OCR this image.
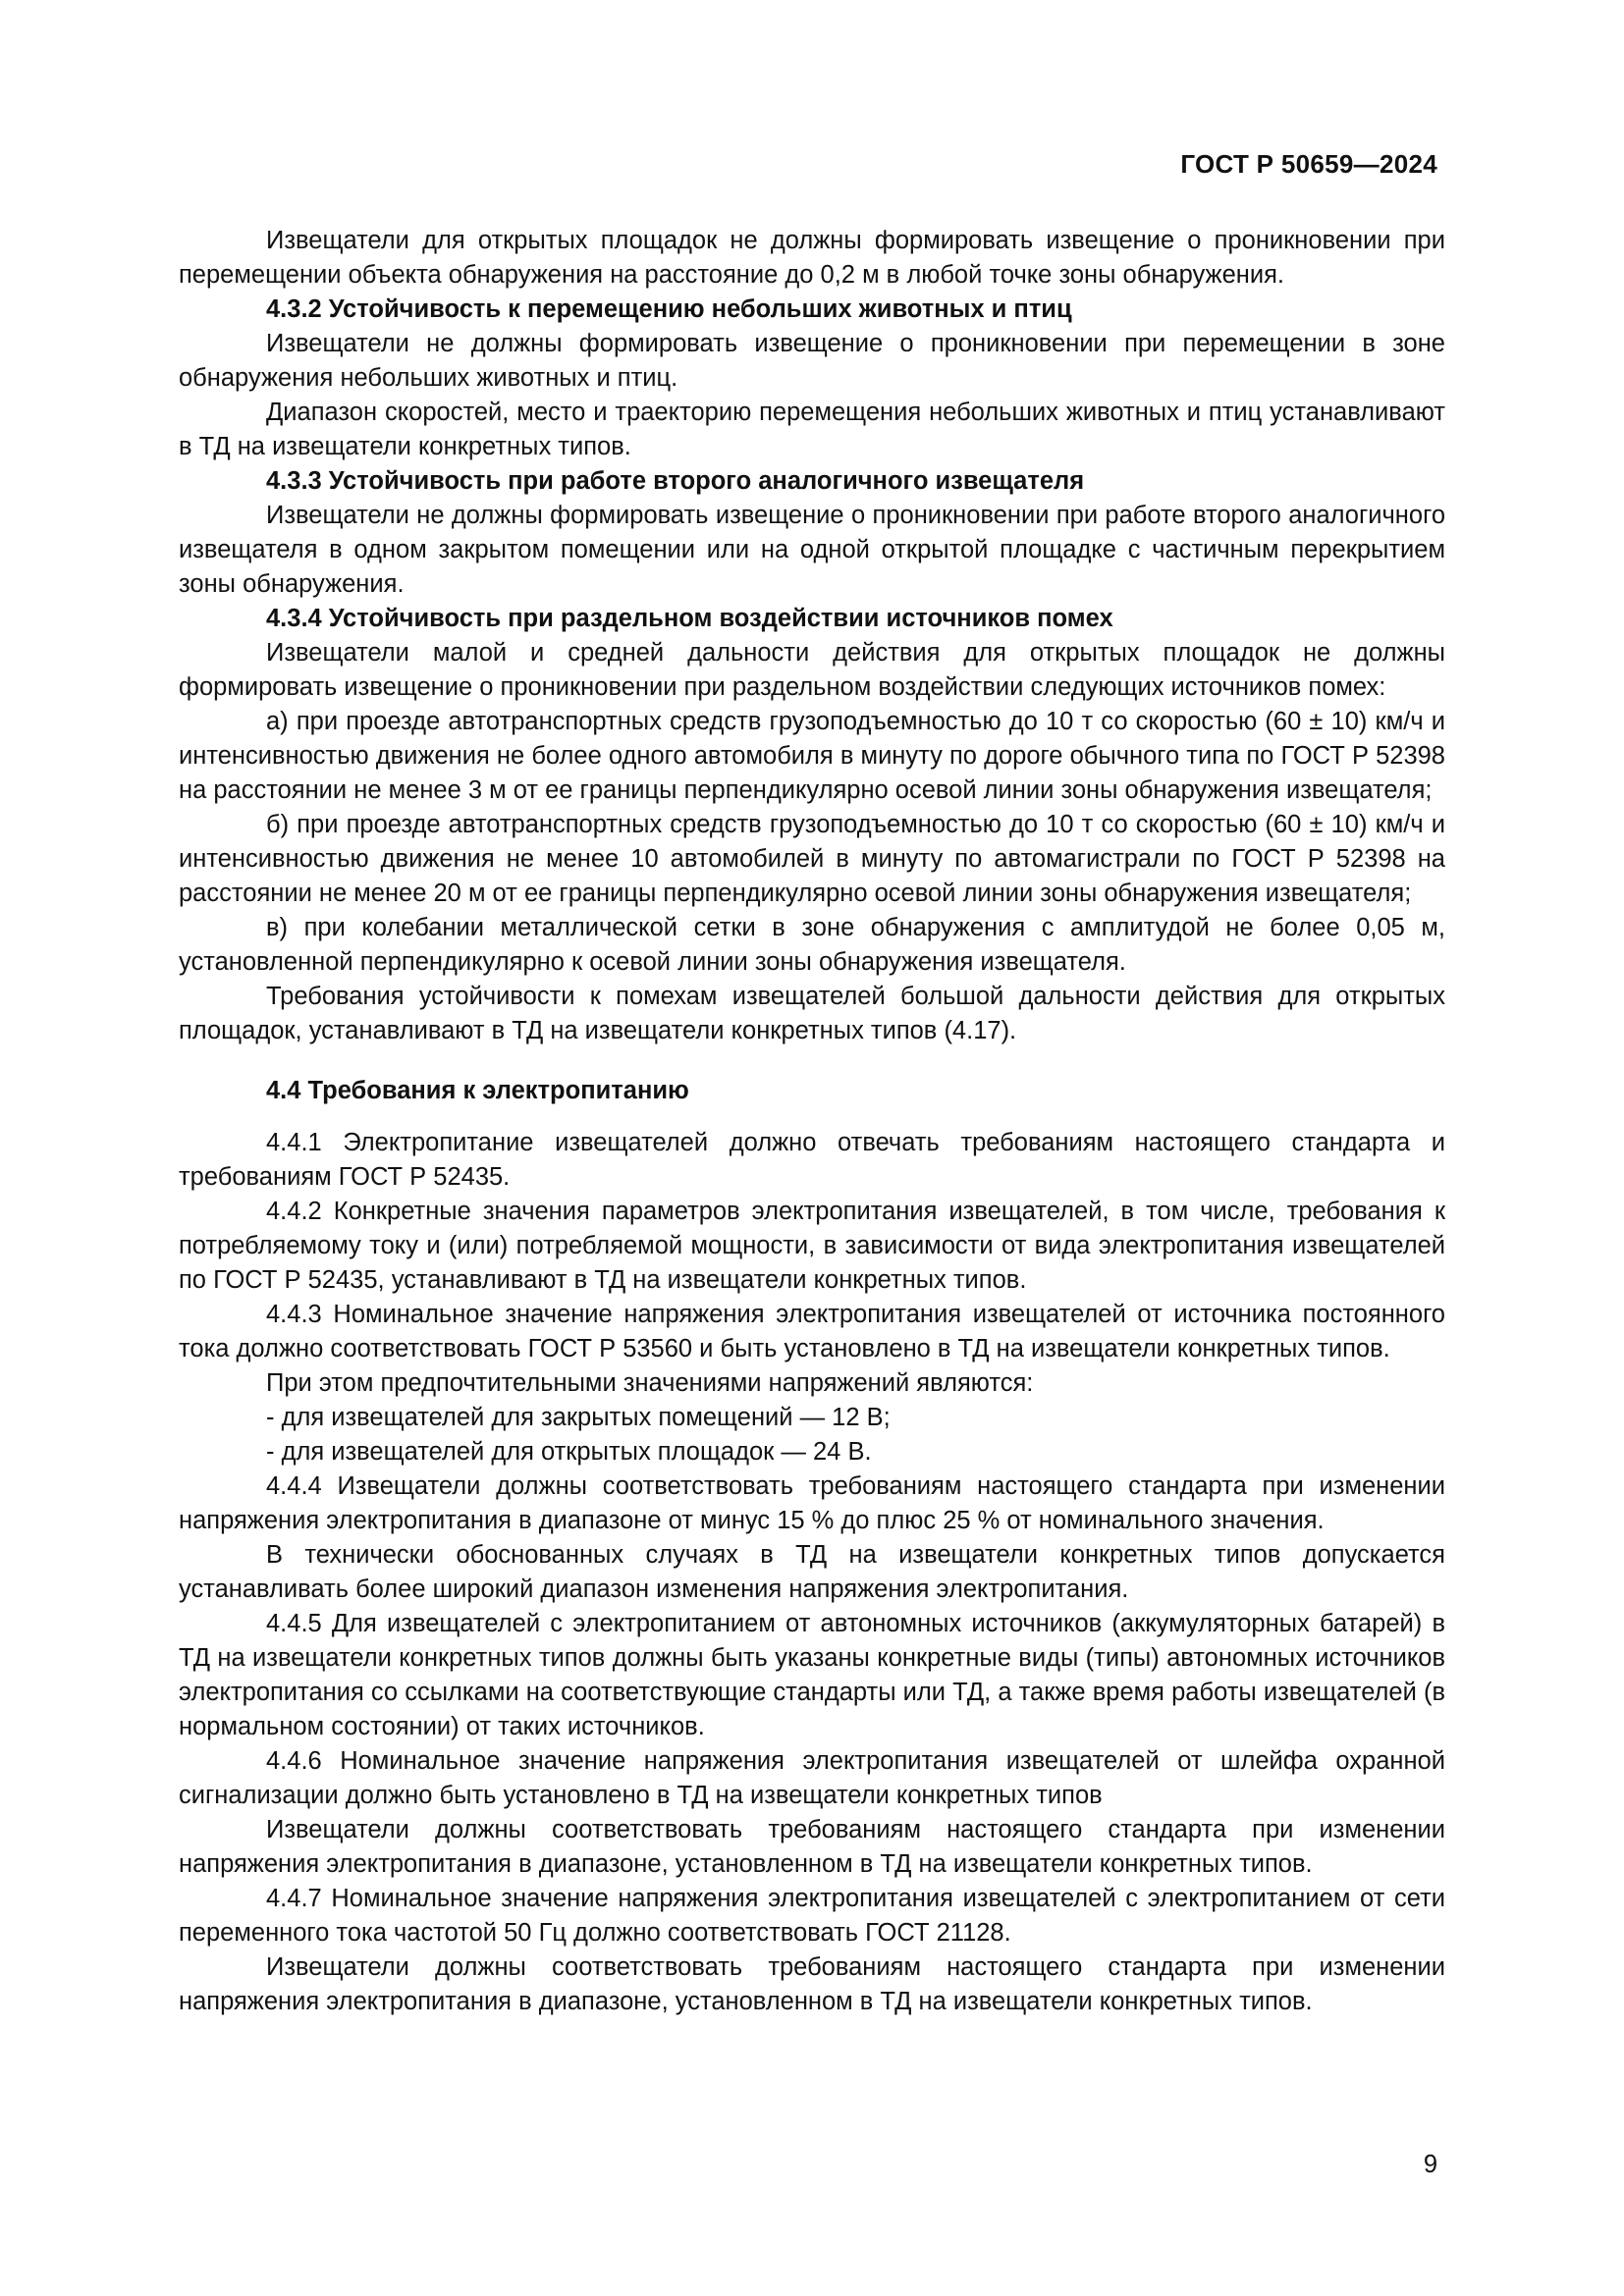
ГОСТ Р 50659—2024

Извещатели для открытых площадок не должны формировать извещение о проникновении при перемещении объекта обнаружения на расстояние до 0,2 м в любой точке зоны обнаружения.

4.3.2 Устойчивость к перемещению небольших животных и птиц

Извещатели не должны формировать извещение о проникновении при перемещении в зоне обнаружения небольших животных и птиц.

Диапазон скоростей, место и траекторию перемещения небольших животных и птиц устанавливают в ТД на извещатели конкретных типов.

4.3.3 Устойчивость при работе второго аналогичного извещателя

Извещатели не должны формировать извещение о проникновении при работе второго аналогичного извещателя в одном закрытом помещении или на одной открытой площадке с частичным перекрытием зоны обнаружения.

4.3.4 Устойчивость при раздельном воздействии источников помех

Извещатели малой и средней дальности действия для открытых площадок не должны формировать извещение о проникновении при раздельном воздействии следующих источников помех:

а) при проезде автотранспортных средств грузоподъемностью до 10 т со скоростью (60 ± 10) км/ч и интенсивностью движения не более одного автомобиля в минуту по дороге обычного типа по ГОСТ Р 52398 на расстоянии не менее 3 м от ее границы перпендикулярно осевой линии зоны обнаружения извещателя;

б) при проезде автотранспортных средств грузоподъемностью до 10 т со скоростью (60 ± 10) км/ч и интенсивностью движения не менее 10 автомобилей в минуту по автомагистрали по ГОСТ Р 52398 на расстоянии не менее 20 м от ее границы перпендикулярно осевой линии зоны обнаружения извещателя;

в) при колебании металлической сетки в зоне обнаружения с амплитудой не более 0,05 м, установленной перпендикулярно к осевой линии зоны обнаружения извещателя.

Требования устойчивости к помехам извещателей большой дальности действия для открытых площадок, устанавливают в ТД на извещатели конкретных типов (4.17).

4.4 Требования к электропитанию

4.4.1 Электропитание извещателей должно отвечать требованиям настоящего стандарта и требованиям ГОСТ Р 52435.

4.4.2 Конкретные значения параметров электропитания извещателей, в том числе, требования к потребляемому току и (или) потребляемой мощности, в зависимости от вида электропитания извещателей по ГОСТ Р 52435, устанавливают в ТД на извещатели конкретных типов.

4.4.3 Номинальное значение напряжения электропитания извещателей от источника постоянного тока должно соответствовать ГОСТ Р 53560 и быть установлено в ТД на извещатели конкретных типов.

При этом предпочтительными значениями напряжений являются:

- для извещателей для закрытых помещений — 12 В;

- для извещателей для открытых площадок — 24 В.

4.4.4 Извещатели должны соответствовать требованиям настоящего стандарта при изменении напряжения электропитания в диапазоне от минус 15 % до плюс 25 % от номинального значения.

В технически обоснованных случаях в ТД на извещатели конкретных типов допускается устанавливать более широкий диапазон изменения напряжения электропитания.

4.4.5 Для извещателей с электропитанием от автономных источников (аккумуляторных батарей) в ТД на извещатели конкретных типов должны быть указаны конкретные виды (типы) автономных источников электропитания со ссылками на соответствующие стандарты или ТД, а также время работы извещателей (в нормальном состоянии) от таких источников.

4.4.6 Номинальное значение напряжения электропитания извещателей от шлейфа охранной сигнализации должно быть установлено в ТД на извещатели конкретных типов

Извещатели должны соответствовать требованиям настоящего стандарта при изменении напряжения электропитания в диапазоне, установленном в ТД на извещатели конкретных типов.

4.4.7 Номинальное значение напряжения электропитания извещателей с электропитанием от сети переменного тока частотой 50 Гц должно соответствовать ГОСТ 21128.

Извещатели должны соответствовать требованиям настоящего стандарта при изменении напряжения электропитания в диапазоне, установленном в ТД на извещатели конкретных типов.

9
